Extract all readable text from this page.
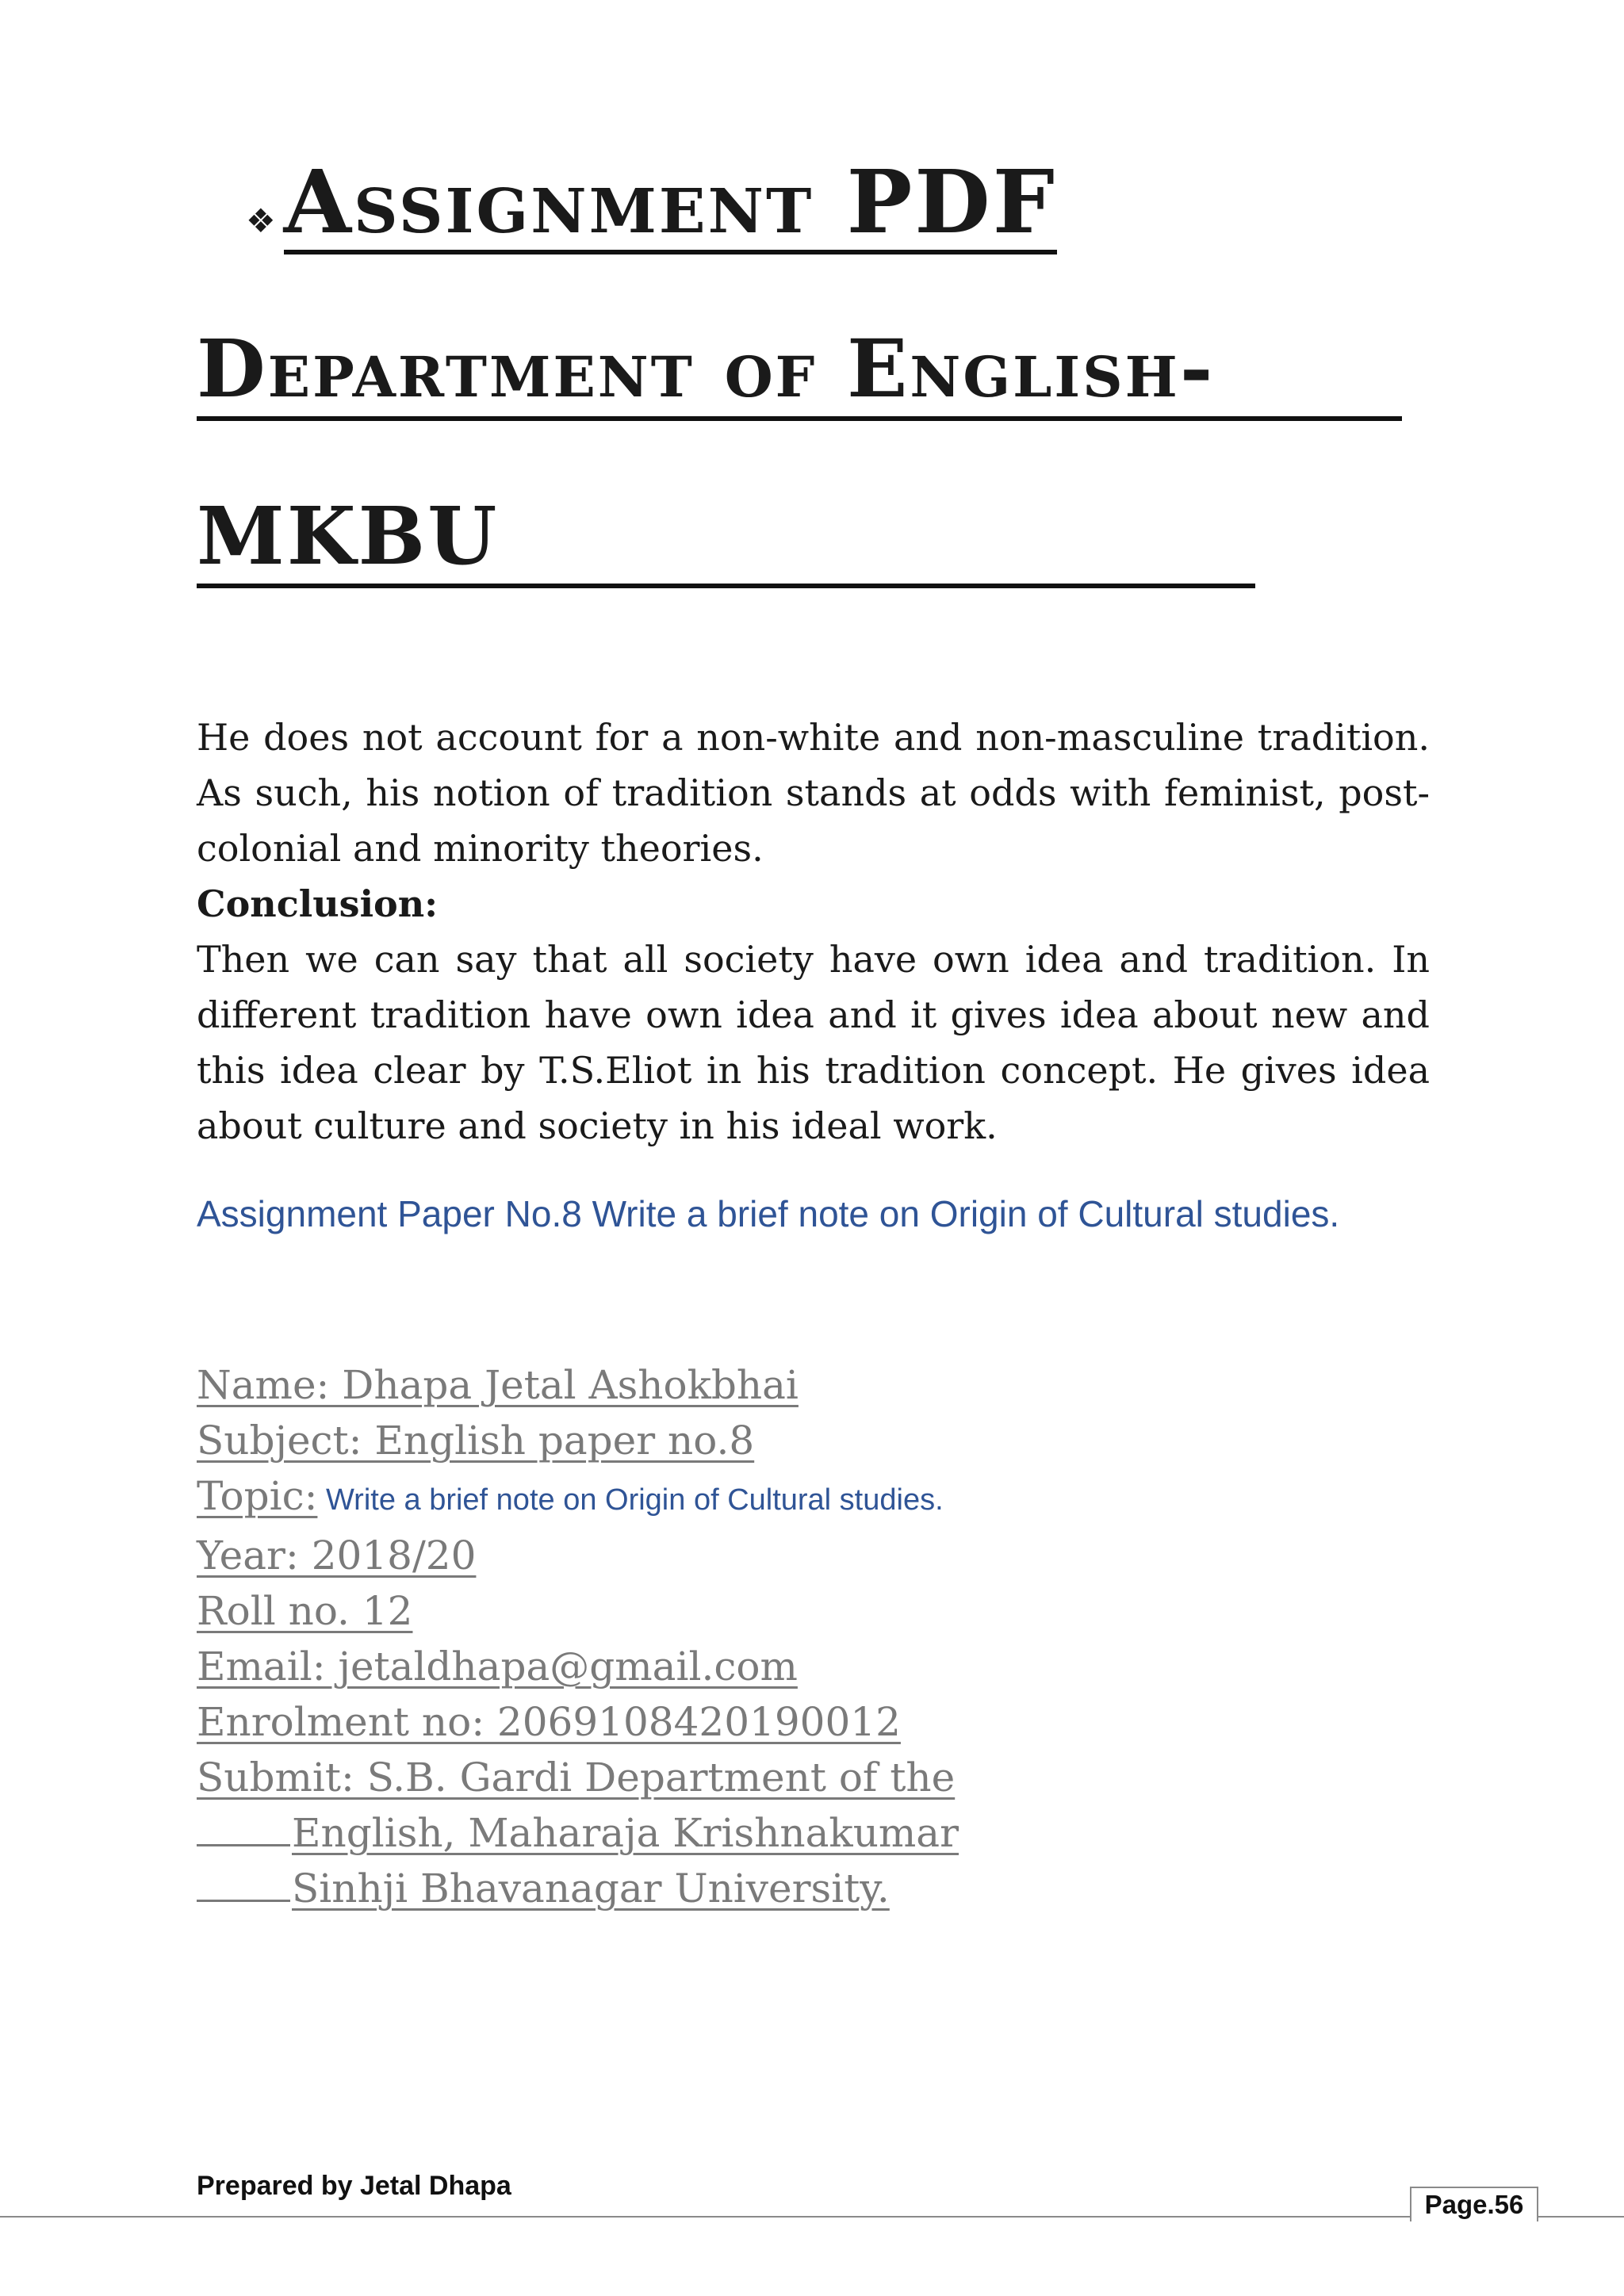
❖ Assignment PDF
Department of English-
MKBU

He does not account for a non-white and non-masculine tradition. As such, his notion of tradition stands at odds with feminist, post-colonial and minority theories.

Conclusion:

Then we can say that all society have own idea and tradition. In different tradition have own idea and it gives idea about new and this idea clear by T.S.Eliot in his tradition concept. He gives idea about culture and society in his ideal work.

Assignment Paper No.8 Write a brief note on Origin of Cultural studies.
Name: Dhapa Jetal Ashokbhai
Subject: English paper no.8
Topic: Write a brief note on Origin of Cultural studies.
Year: 2018/20
Roll no. 12
Email: jetaldhapa@gmail.com
Enrolment no: 2069108420190012
Submit: S.B. Gardi Department of the
English, Maharaja Krishnakumar
Sinhji Bhavanagar University.
Prepared by Jetal Dhapa
Page.56
